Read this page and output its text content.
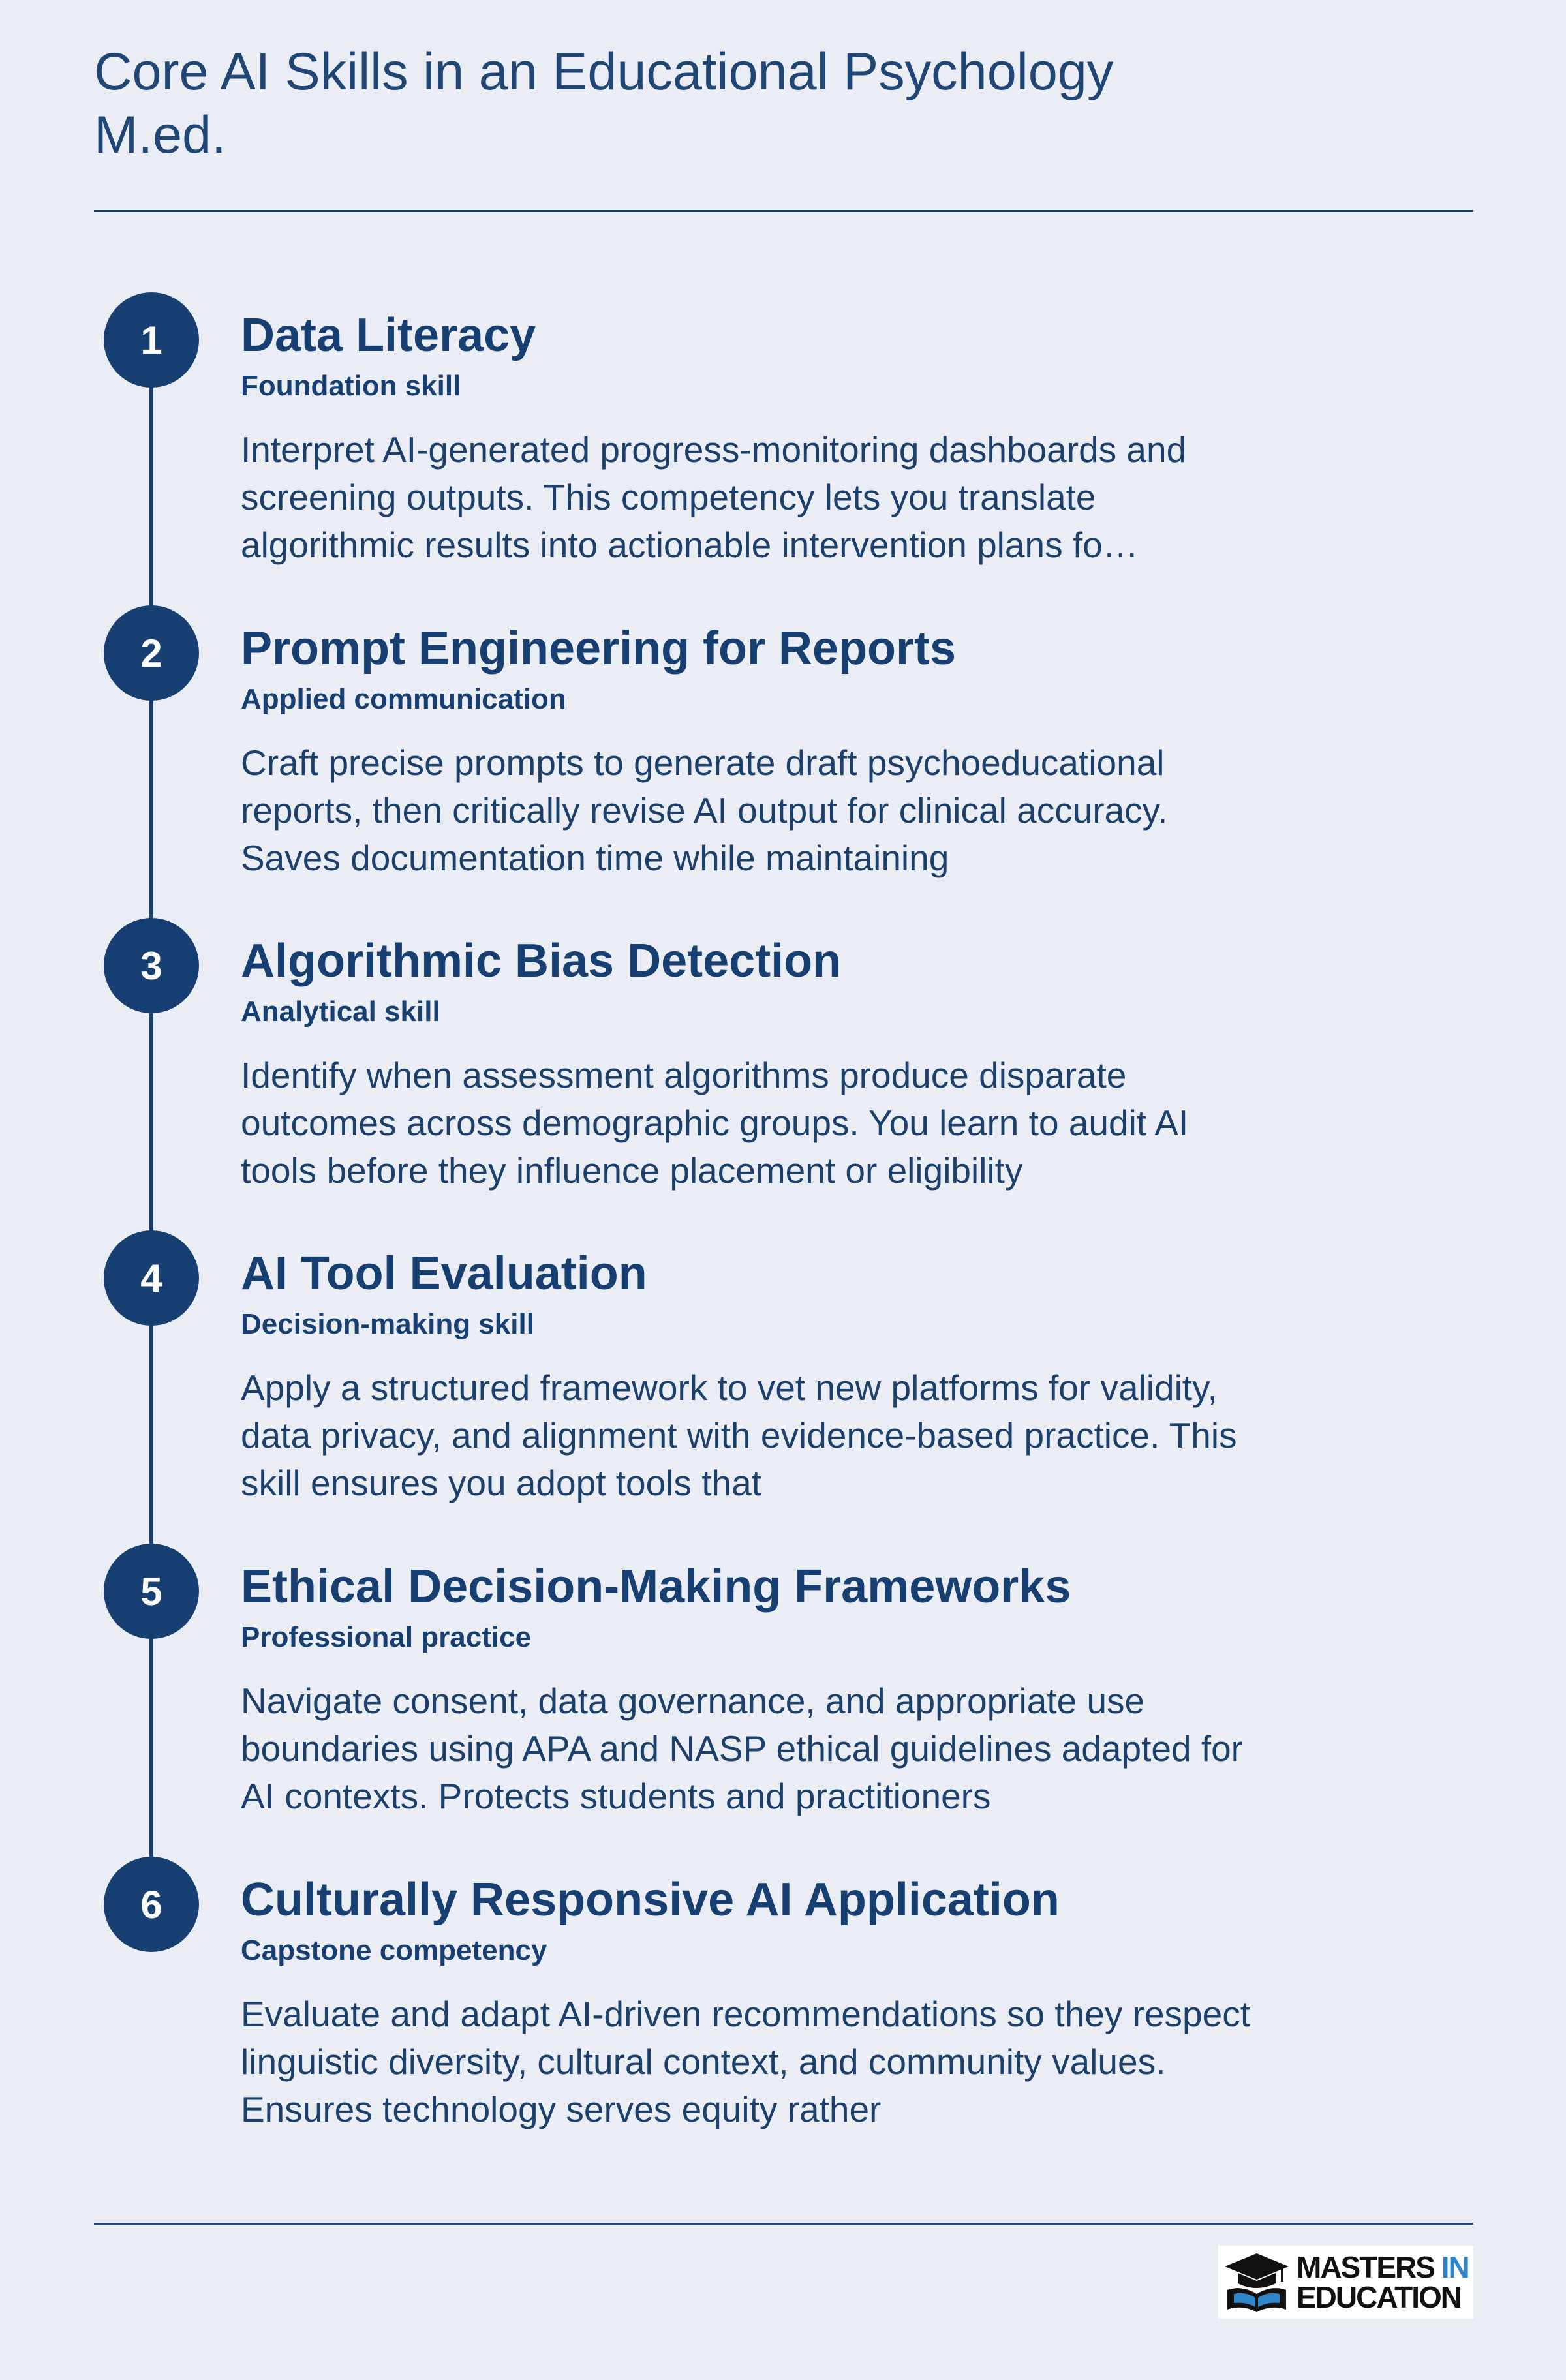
Core AI Skills in an Educational Psychology M.ed.
1	Data Literacy
Foundation skill
Interpret AI-generated progress-monitoring dashboards and screening outputs. This competency lets you translate algorithmic results into actionable intervention plans fo…
2	Prompt Engineering for Reports
Applied communication
Craft precise prompts to generate draft psychoeducational reports, then critically revise AI output for clinical accuracy. Saves documentation time while maintaining
3	Algorithmic Bias Detection
Analytical skill
Identify when assessment algorithms produce disparate outcomes across demographic groups. You learn to audit AI tools before they influence placement or eligibility
4	AI Tool Evaluation
Decision-making skill
Apply a structured framework to vet new platforms for validity, data privacy, and alignment with evidence-based practice. This skill ensures you adopt tools that
5	Ethical Decision-Making Frameworks
Professional practice
Navigate consent, data governance, and appropriate use boundaries using APA and NASP ethical guidelines adapted for AI contexts. Protects students and practitioners
6	Culturally Responsive AI Application
Capstone competency
Evaluate and adapt AI-driven recommendations so they respect linguistic diversity, cultural context, and community values. Ensures technology serves equity rather
MASTERS IN
EDUCATION
